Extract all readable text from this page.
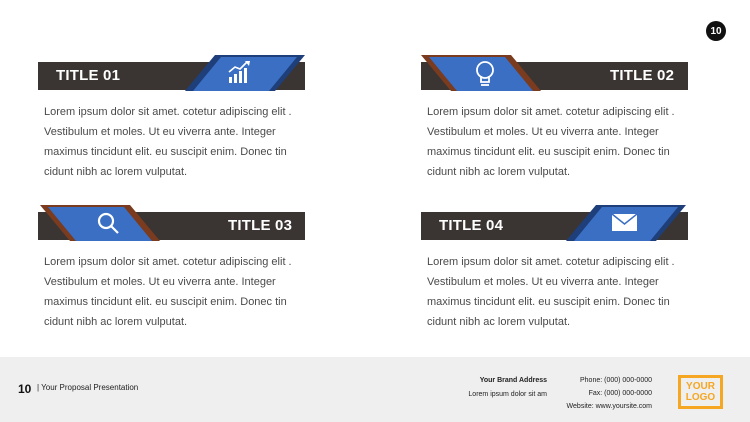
10
TITLE 01
Lorem ipsum dolor sit amet. cotetur adipiscing elit . Vestibulum et moles. Ut eu viverra ante. Integer maximus tincidunt elit. eu suscipit enim. Donec tin cidunt nibh ac lorem vulputat.
TITLE 02
Lorem ipsum dolor sit amet. cotetur adipiscing elit . Vestibulum et moles. Ut eu viverra ante. Integer maximus tincidunt elit. eu suscipit enim. Donec tin cidunt nibh ac lorem vulputat.
TITLE 03
Lorem ipsum dolor sit amet. cotetur adipiscing elit . Vestibulum et moles. Ut eu viverra ante. Integer maximus tincidunt elit. eu suscipit enim. Donec tin cidunt nibh ac lorem vulputat.
TITLE 04
Lorem ipsum dolor sit amet. cotetur adipiscing elit . Vestibulum et moles. Ut eu viverra ante. Integer maximus tincidunt elit. eu suscipit enim. Donec tin cidunt nibh ac lorem vulputat.
10 | Your Proposal Presentation
Your Brand Address
Lorem ipsum dolor sit am
Phone: (000) 000-0000
Fax: (000) 000-0000
Website: www.yoursite.com
YOUR
LOGO
